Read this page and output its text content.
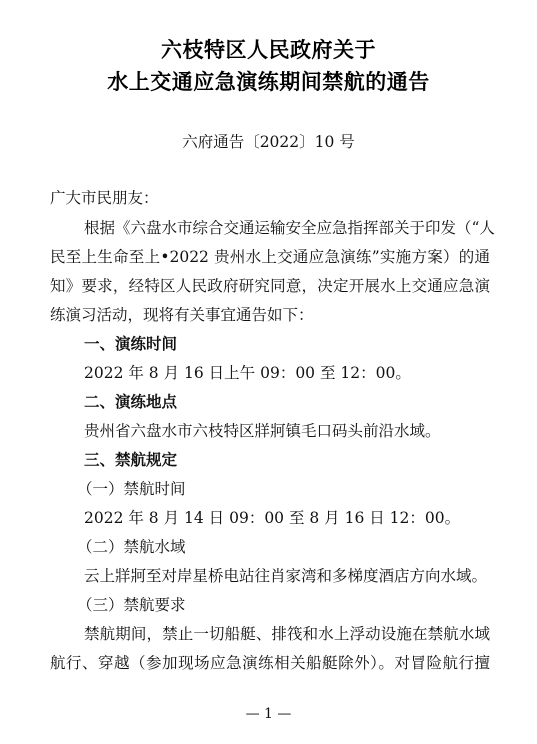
六枝特区人民政府关于
水上交通应急演练期间禁航的通告
六府通告〔2022〕10 号
广大市民朋友：
根据《六盘水市综合交通运输安全应急指挥部关于印发（“人
民至上生命至上•2022 贵州水上交通应急演练”实施方案）的通
知》要求，经特区人民政府研究同意，决定开展水上交通应急演
练演习活动，现将有关事宜通告如下：
一、演练时间
2022 年 8 月 16 日上午 09：00 至 12：00。
二、演练地点
贵州省六盘水市六枝特区牂牁镇毛口码头前沿水域。
三、禁航规定
（一）禁航时间
2022 年 8 月 14 日 09：00 至 8 月 16 日 12：00。
（二）禁航水域
云上牂牁至对岸星桥电站往肖家湾和多梯度酒店方向水域。
（三）禁航要求
禁航期间，禁止一切船艇、排筏和水上浮动设施在禁航水域
航行、穿越（参加现场应急演练相关船艇除外）。对冒险航行擅
— 1 —
